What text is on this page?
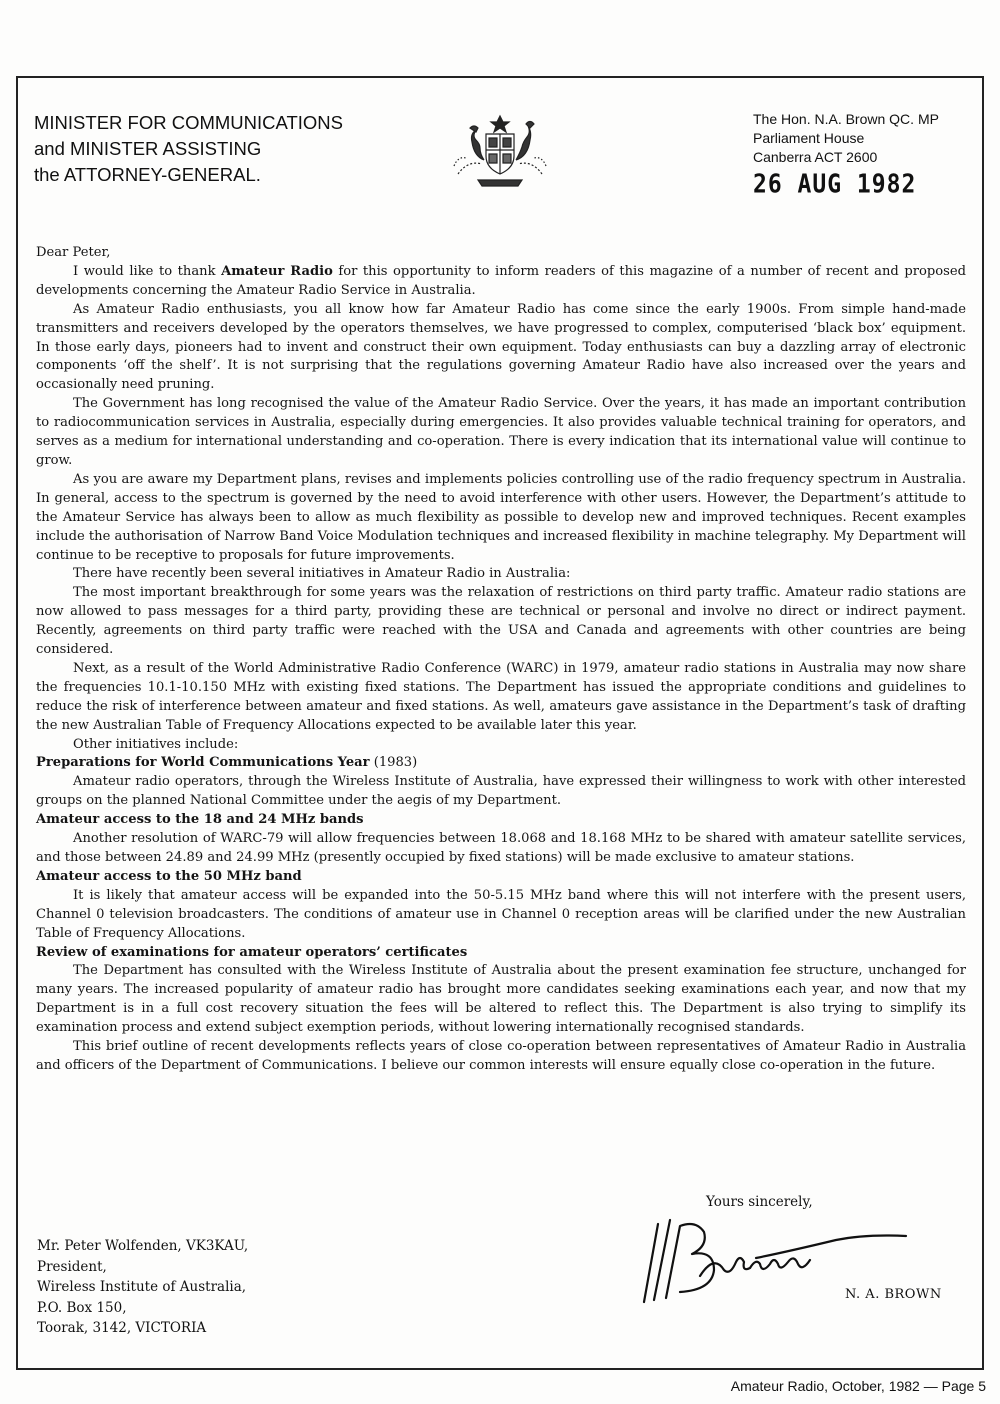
MINISTER FOR COMMUNICATIONS
and MINISTER ASSISTING
the ATTORNEY-GENERAL.
The Hon. N.A. Brown QC. MP
Parliament House
Canberra ACT 2600
26 AUG 1982

Dear Peter,

I would like to thank Amateur Radio for this opportunity to inform readers of this magazine of a number of recent and proposed developments concerning the Amateur Radio Service in Australia.

As Amateur Radio enthusiasts, you all know how far Amateur Radio has come since the early 1900s. From simple hand-made transmitters and receivers developed by the operators themselves, we have progressed to complex, computerised ‘black box’ equipment. In those early days, pioneers had to invent and construct their own equipment. Today enthusiasts can buy a dazzling array of electronic components ‘off the shelf’. It is not surprising that the regulations governing Amateur Radio have also increased over the years and occasionally need pruning.

The Government has long recognised the value of the Amateur Radio Service. Over the years, it has made an important contribution to radiocommunication services in Australia, especially during emergencies. It also provides valuable technical training for operators, and serves as a medium for international understanding and co-operation. There is every indication that its international value will continue to grow.

As you are aware my Department plans, revises and implements policies controlling use of the radio frequency spectrum in Australia. In general, access to the spectrum is governed by the need to avoid interference with other users. However, the Department’s attitude to the Amateur Service has always been to allow as much flexibility as possible to develop new and improved techniques. Recent examples include the authorisation of Narrow Band Voice Modulation techniques and increased flexibility in machine telegraphy. My Department will continue to be receptive to proposals for future improvements.

There have recently been several initiatives in Amateur Radio in Australia:

The most important breakthrough for some years was the relaxation of restrictions on third party traffic. Amateur radio stations are now allowed to pass messages for a third party, providing these are technical or personal and involve no direct or indirect payment. Recently, agreements on third party traffic were reached with the USA and Canada and agreements with other countries are being considered.

Next, as a result of the World Administrative Radio Conference (WARC) in 1979, amateur radio stations in Australia may now share the frequencies 10.1-10.150 MHz with existing fixed stations. The Department has issued the appropriate conditions and guidelines to reduce the risk of interference between amateur and fixed stations. As well, amateurs gave assistance in the Department’s task of drafting the new Australian Table of Frequency Allocations expected to be available later this year.

Other initiatives include:

Preparations for World Communications Year (1983)

Amateur radio operators, through the Wireless Institute of Australia, have expressed their willingness to work with other interested groups on the planned National Committee under the aegis of my Department.

Amateur access to the 18 and 24 MHz bands

Another resolution of WARC-79 will allow frequencies between 18.068 and 18.168 MHz to be shared with amateur satellite services, and those between 24.89 and 24.99 MHz (presently occupied by fixed stations) will be made exclusive to amateur stations.

Amateur access to the 50 MHz band

It is likely that amateur access will be expanded into the 50-5.15 MHz band where this will not interfere with the present users, Channel 0 television broadcasters. The conditions of amateur use in Channel 0 reception areas will be clarified under the new Australian Table of Frequency Allocations.

Review of examinations for amateur operators’ certificates

The Department has consulted with the Wireless Institute of Australia about the present examination fee structure, unchanged for many years. The increased popularity of amateur radio has brought more candidates seeking examinations each year, and now that my Department is in a full cost recovery situation the fees will be altered to reflect this. The Department is also trying to simplify its examination process and extend subject exemption periods, without lowering internationally recognised standards.

This brief outline of recent developments reflects years of close co-operation between representatives of Amateur Radio in Australia and officers of the Department of Communications. I believe our common interests will ensure equally close co-operation in the future.

Yours sincerely,
N. A. BROWN
Mr. Peter Wolfenden, VK3KAU,
President,
Wireless Institute of Australia,
P.O. Box 150,
Toorak, 3142, VICTORIA
Amateur Radio, October, 1982 — Page 5
